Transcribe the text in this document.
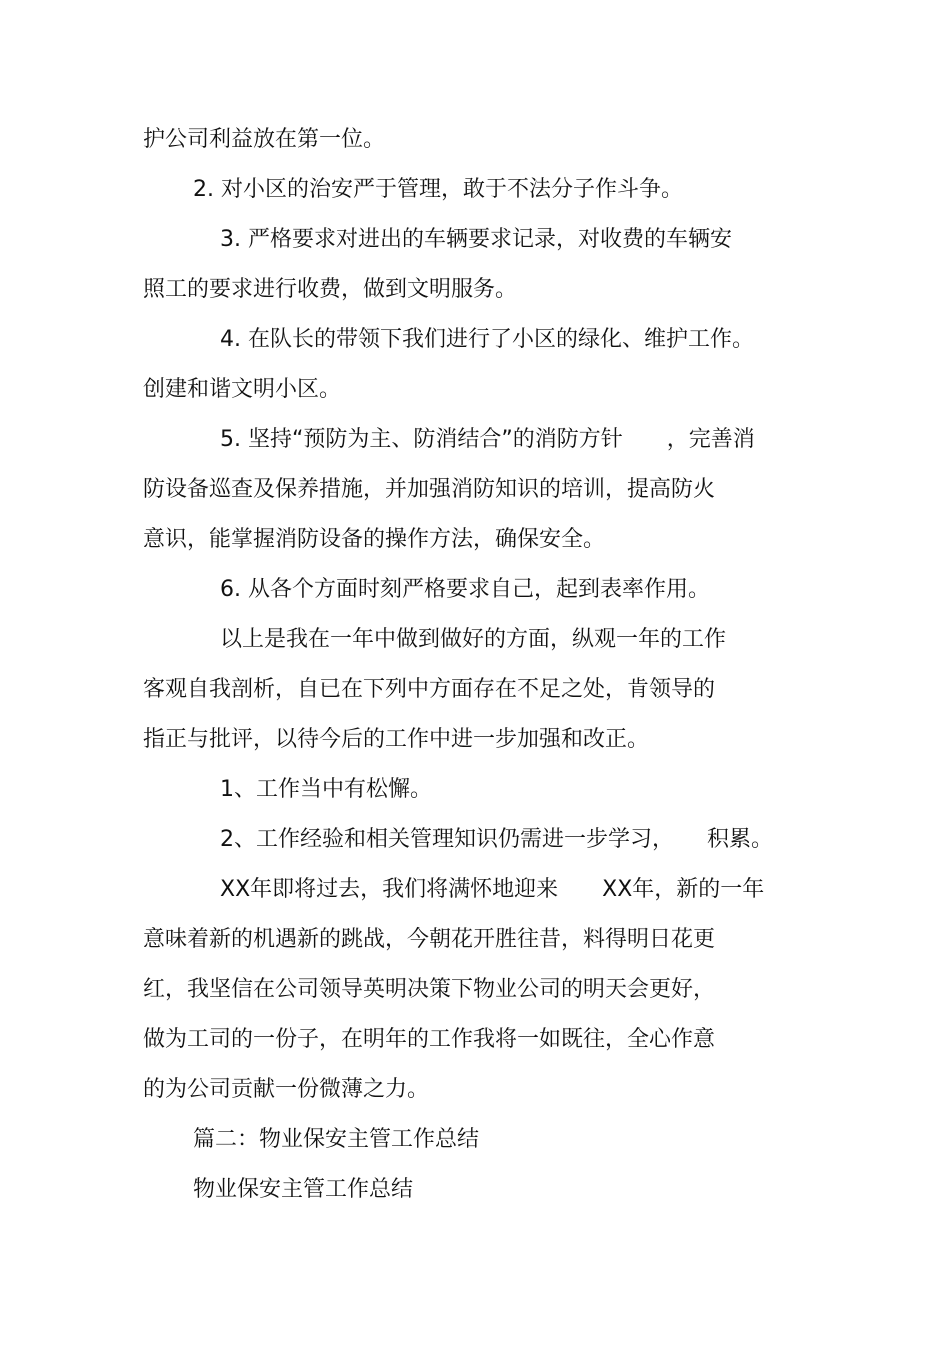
护公司利益放在第一位。
2. 对小区的治安严于管理，敢于不法分子作斗争。
3. 严格要求对进出的车辆要求记录，对收费的车辆安
照工的要求进行收费，做到文明服务。
4. 在队长的带领下我们进行了小区的绿化、维护工作。
创建和谐文明小区。
5. 坚持“预防为主、防消结合”的消防方针　　，完善消
防设备巡查及保养措施，并加强消防知识的培训，提高防火
意识，能掌握消防设备的操作方法，确保安全。
6. 从各个方面时刻严格要求自己，起到表率作用。
以上是我在一年中做到做好的方面，纵观一年的工作
客观自我剖析，自已在下列中方面存在不足之处，肯领导的
指正与批评，以待今后的工作中进一步加强和改正。
1、工作当中有松懈。
2、工作经验和相关管理知识仍需进一步学习，　　积累。
XX年即将过去，我们将满怀地迎来　　XX年，新的一年
意味着新的机遇新的跳战，今朝花开胜往昔，料得明日花更
红，我坚信在公司领导英明决策下物业公司的明天会更好，
做为工司的一份子，在明年的工作我将一如既往，全心作意
的为公司贡献一份微薄之力。
篇二：物业保安主管工作总结
物业保安主管工作总结
